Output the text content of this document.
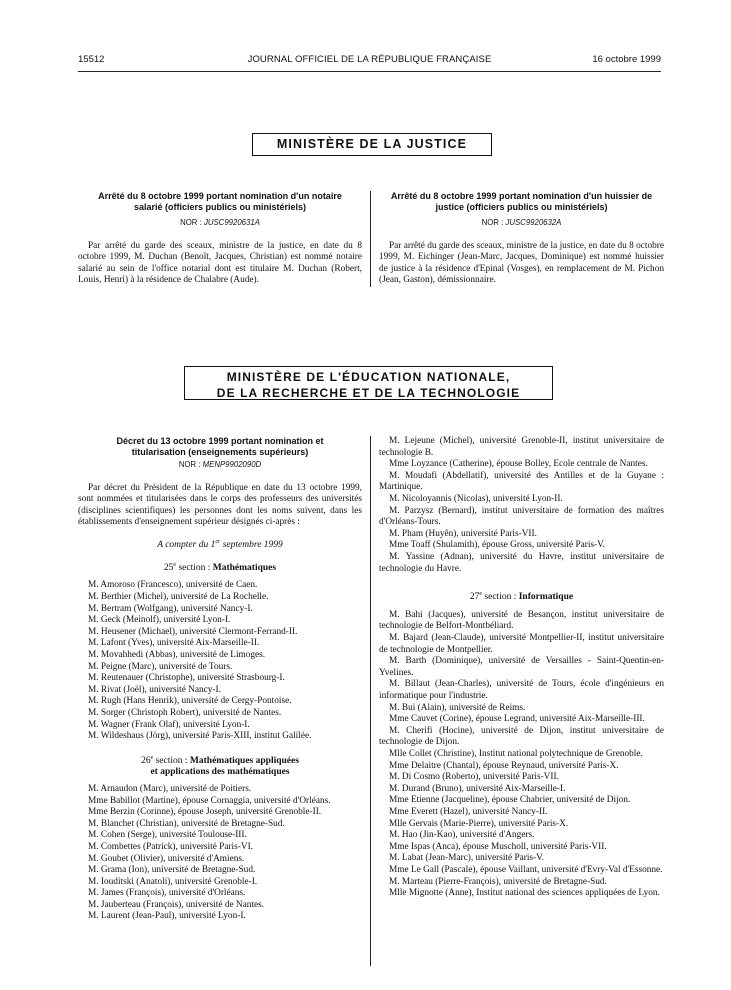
15512	JOURNAL OFFICIEL DE LA RÉPUBLIQUE FRANÇAISE	16 octobre 1999
MINISTÈRE DE LA JUSTICE
Arrêté du 8 octobre 1999 portant nomination d'un notaire salarié (officiers publics ou ministériels)
NOR : JUSC9920631A

Par arrêté du garde des sceaux, ministre de la justice, en date du 8 octobre 1999, M. Duchan (Benoît, Jacques, Christian) est nommé notaire salarié au sein de l'office notarial dont est titulaire M. Duchan (Robert, Louis, Henri) à la résidence de Chalabre (Aude).

Arrêté du 8 octobre 1999 portant nomination d'un huissier de justice (officiers publics ou ministériels)
NOR : JUSC9920632A

Par arrêté du garde des sceaux, ministre de la justice, en date du 8 octobre 1999, M. Eichinger (Jean-Marc, Jacques, Dominique) est nommé huissier de justice à la résidence d'Epinal (Vosges), en remplacement de M. Pichon (Jean, Gaston), démissionnaire.

MINISTÈRE DE L'ÉDUCATION NATIONALE,
DE LA RECHERCHE ET DE LA TECHNOLOGIE
Décret du 13 octobre 1999 portant nomination et titularisation (enseignements supérieurs)
NOR : MENP9902090D

Par décret du Président de la République en date du 13 octobre 1999, sont nommées et titularisées dans le corps des professeurs des universités (disciplines scientifiques) les personnes dont les noms suivent, dans les établissements d'enseignement supérieur désignés ci-après :

A compter du 1er septembre 1999
25e section : Mathématiques
M. Amoroso (Francesco), université de Caen.
M. Berthier (Michel), université de La Rochelle.
M. Bertram (Wolfgang), université Nancy-I.
M. Geck (Meinolf), université Lyon-I.
M. Heusener (Michael), université Clermont-Ferrand-II.
M. Lafont (Yves), université Aix-Marseille-II.
M. Movahhedi (Abbas), université de Limoges.
M. Peigne (Marc), université de Tours.
M. Reutenauer (Christophe), université Strasbourg-I.
M. Rivat (Joël), université Nancy-I.
M. Rugh (Hans Henrik), université de Cergy-Pontoise.
M. Sorger (Christoph Robert), université de Nantes.
M. Wagner (Frank Olaf), université Lyon-I.
M. Wildeshaus (Jörg), université Paris-XIII, institut Galilée.
26e section : Mathématiques appliquées
et applications des mathématiques
M. Arnaudon (Marc), université de Poitiers.
Mme Babillot (Martine), épouse Cornaggia, université d'Orléans.
Mme Berzin (Corinne), épouse Joseph, université Grenoble-II.
M. Blanchet (Christian), université de Bretagne-Sud.
M. Cohen (Serge), université Toulouse-III.
M. Combettes (Patrick), université Paris-VI.
M. Goubet (Olivier), université d'Amiens.
M. Grama (Ion), université de Bretagne-Sud.
M. Iouditski (Anatoli), université Grenoble-I.
M. James (François), université d'Orléans.
M. Jauberteau (François), université de Nantes.
M. Laurent (Jean-Paul), université Lyon-I.
M. Lejeune (Michel), université Grenoble-II, institut universitaire de technologie B.
Mme Loyzance (Catherine), épouse Bolley, Ecole centrale de Nantes.
M. Moudafi (Abdellatif), université des Antilles et de la Guyane : Martinique.
M. Nicoloyannis (Nicolas), université Lyon-II.
M. Parzysz (Bernard), institut universitaire de formation des maîtres d'Orléans-Tours.
M. Pham (Huyên), université Paris-VII.
Mme Toaff (Shulamith), épouse Gross, université Paris-V.
M. Yassine (Adnan), université du Havre, institut universitaire de technologie du Havre.
27e section : Informatique
M. Bahi (Jacques), université de Besançon, institut universitaire de technologie de Belfort-Montbéliard.
M. Bajard (Jean-Claude), université Montpellier-II, institut universitaire de technologie de Montpellier.
M. Barth (Dominique), université de Versailles - Saint-Quentin-en-Yvelines.
M. Billaut (Jean-Charles), université de Tours, école d'ingénieurs en informatique pour l'industrie.
M. Bui (Alain), université de Reims.
Mme Cauvet (Corine), épouse Legrand, université Aix-Marseille-III.
M. Cherifi (Hocine), université de Dijon, institut universitaire de technologie de Dijon.
Mlle Collet (Christine), Institut national polytechnique de Grenoble.
Mme Delaitre (Chantal), épouse Reynaud, université Paris-X.
M. Di Cosmo (Roberto), université Paris-VII.
M. Durand (Bruno), université Aix-Marseille-I.
Mme Etienne (Jacqueline), épouse Chabrier, université de Dijon.
Mme Everett (Hazel), université Nancy-II.
Mlle Gervais (Marie-Pierre), université Paris-X.
M. Hao (Jin-Kao), université d'Angers.
Mme Ispas (Anca), épouse Muscholl, université Paris-VII.
M. Labat (Jean-Marc), université Paris-V.
Mme Le Gall (Pascale), épouse Vaillant, université d'Evry-Val d'Essonne.
M. Marteau (Pierre-François), université de Bretagne-Sud.
Mlle Mignotte (Anne), Institut national des sciences appliquées de Lyon.
